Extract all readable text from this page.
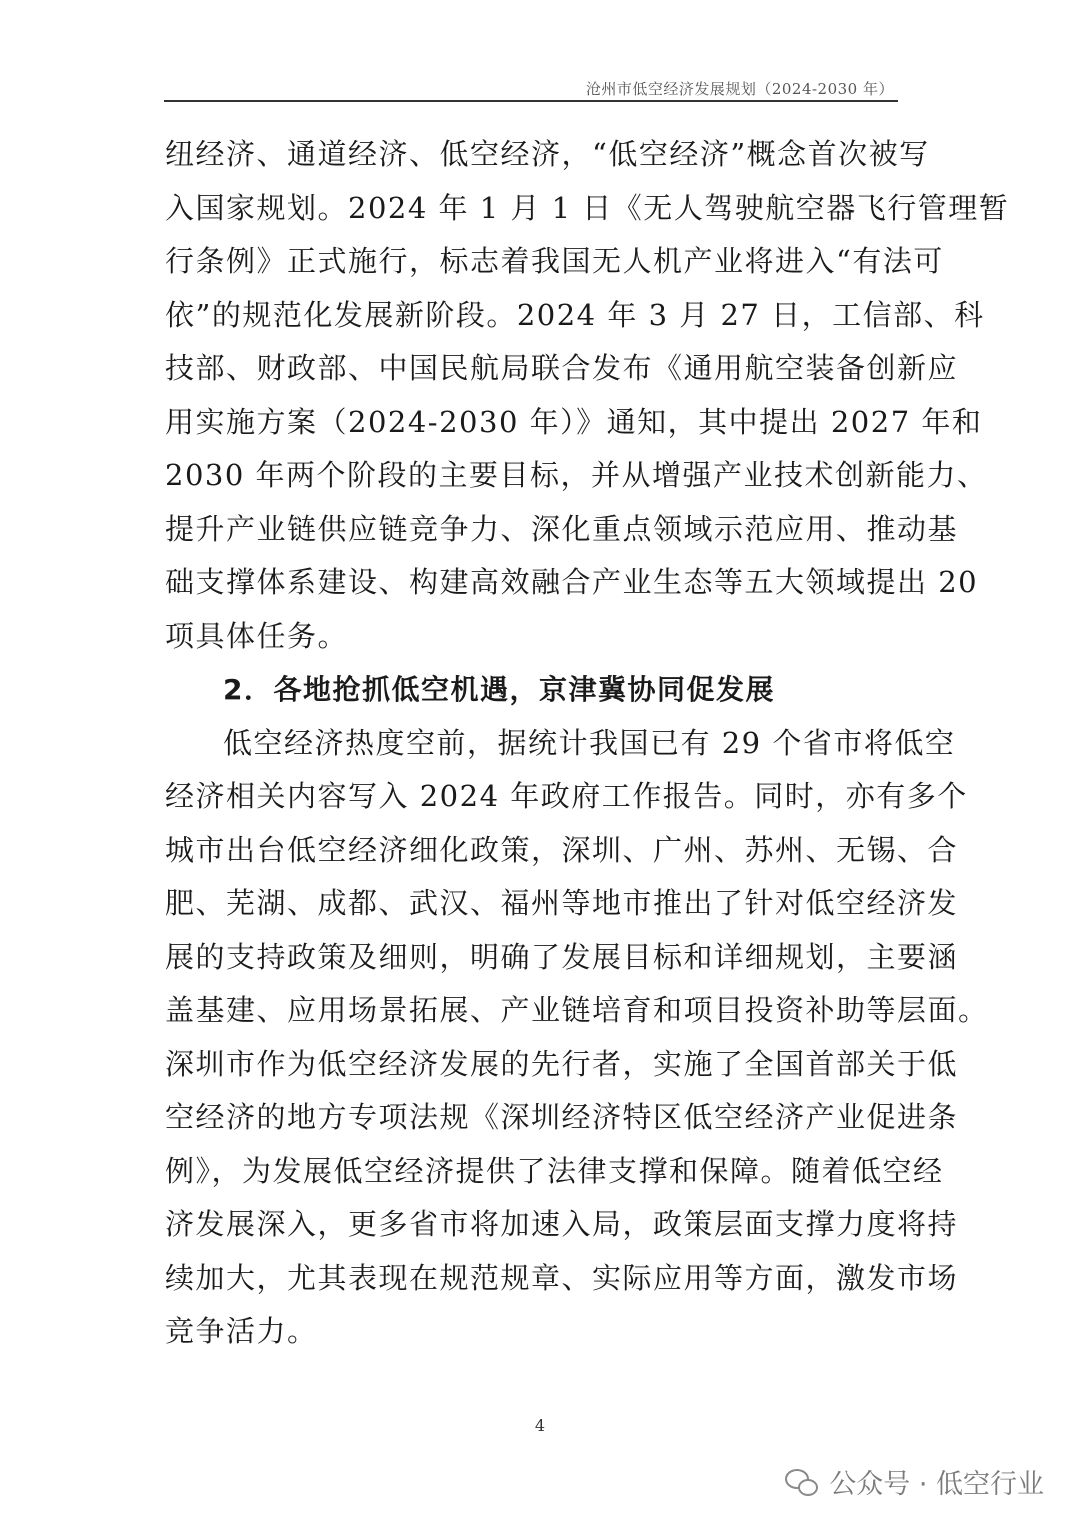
沧州市低空经济发展规划（2024-2030 年）
纽经济、通道经济、低空经济，“低空经济”概念首次被写
入国家规划。2024 年 1 月 1 日《无人驾驶航空器飞行管理暂
行条例》正式施行，标志着我国无人机产业将进入“有法可
依”的规范化发展新阶段。2024 年 3 月 27 日，工信部、科
技部、财政部、中国民航局联合发布《通用航空装备创新应
用实施方案（2024-2030 年）》通知，其中提出 2027 年和
2030 年两个阶段的主要目标，并从增强产业技术创新能力、
提升产业链供应链竞争力、深化重点领域示范应用、推动基
础支撑体系建设、构建高效融合产业生态等五大领域提出 20
项具体任务。
2．各地抢抓低空机遇，京津冀协同促发展
低空经济热度空前，据统计我国已有 29 个省市将低空
经济相关内容写入 2024 年政府工作报告。同时，亦有多个
城市出台低空经济细化政策，深圳、广州、苏州、无锡、合
肥、芜湖、成都、武汉、福州等地市推出了针对低空经济发
展的支持政策及细则，明确了发展目标和详细规划，主要涵
盖基建、应用场景拓展、产业链培育和项目投资补助等层面。
深圳市作为低空经济发展的先行者，实施了全国首部关于低
空经济的地方专项法规《深圳经济特区低空经济产业促进条
例》，为发展低空经济提供了法律支撑和保障。随着低空经
济发展深入，更多省市将加速入局，政策层面支撑力度将持
续加大，尤其表现在规范规章、实际应用等方面，激发市场
竞争活力。
4
公众号 · 低空行业
